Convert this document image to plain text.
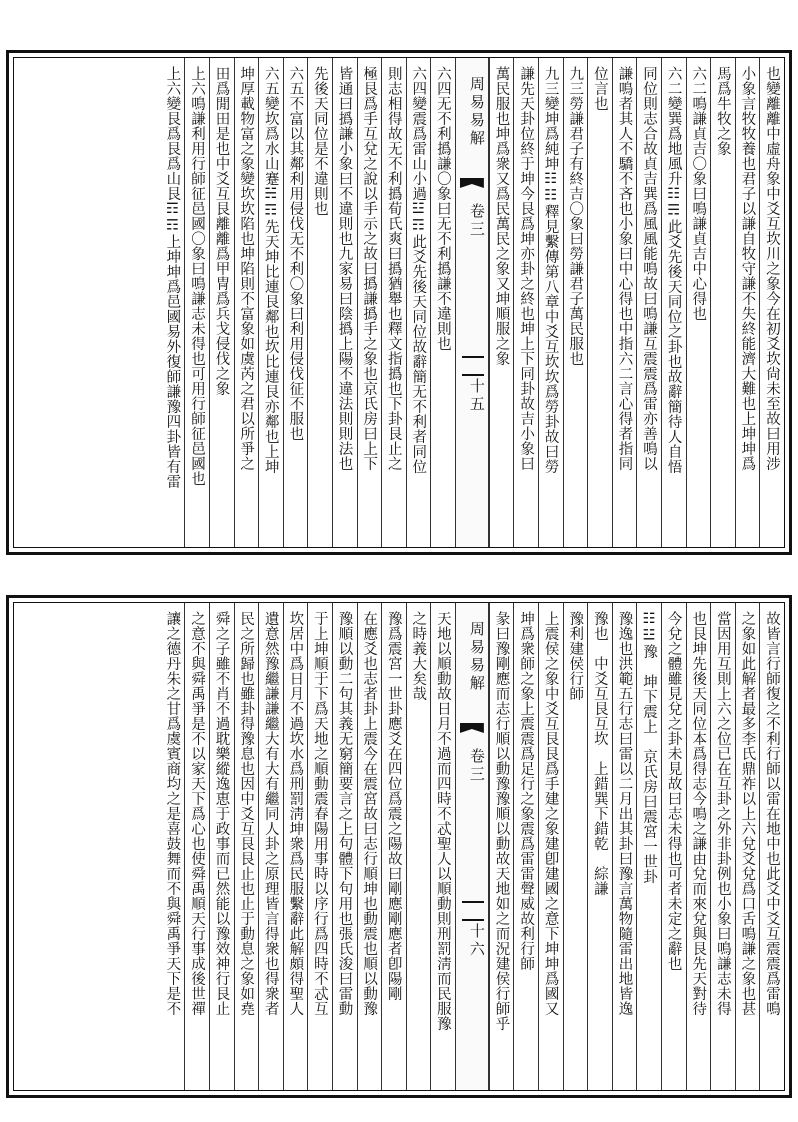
也變離離中虛舟象中爻互坎川之象今在初爻坎尙未至故曰用涉
小象言牧牧養也君子以謙自牧守謙不失終能濟大難也上坤坤爲
馬爲牛牧之象
六二鳴謙貞吉〇象曰鳴謙貞吉中心得也
六二變巽爲地風升☷☴此爻先後天同位之卦也故辭簡待人自悟
同位則志合故貞吉巽爲風風能鳴故曰鳴謙互震震爲雷亦善鳴以
謙鳴者其人不驕不吝也小象曰中心得也中指六二言心得者指同
位言也
九三勞謙君子有終吉〇象曰勞謙君子萬民服也
九三變坤爲純坤☷☷釋見繫傳第八章中爻互坎坎爲勞卦故曰勞
謙先天卦位終于坤今艮爲坤亦卦之終也坤上下同卦故吉小象曰
萬民服也坤爲衆又爲民萬民之象又坤順服之象
周易易解
卷三
十五
六四无不利撝謙〇象曰无不利撝謙不違則也
六四變震爲雷山小過☳☶此爻先後天同位故辭簡无不利者同位
則志相得故无不利撝荀氏爽曰撝猶舉也釋文指撝也下卦艮止之
極艮爲手互兌之說以手示之故曰撝謙撝手之象也京氏房曰上下
皆通曰撝謙小象曰不違則也九家易曰陰撝上陽不違法則則法也
先後天同位是不違則也
六五不富以其鄰利用侵伐无不利〇象曰利用侵伐征不服也
六五變坎爲水山蹇☵☶先天坤比連艮鄰也坎比連艮亦鄰也上坤
坤厚載物富之象變坎坎陷也坤陷則不富象如虞芮之君以所爭之
田爲閒田是也中爻互艮離離爲甲冑爲兵戈侵伐之象
上六鳴謙利用行師征邑國〇象曰鳴謙志未得也可用行師征邑國也
上六變艮爲艮爲山艮☶☶上坤坤爲邑國易外復師謙豫四卦皆有雷
故皆言行師復之不利行師以雷在地中也此爻中爻互震震爲雷鳴
之象如此解者最多李氏鼎祚以上六兌爻兌爲口舌鳴謙之象也甚
當因用互則上六之位已在互卦之外非卦例也小象曰鳴謙志未得
也艮坤先後天同位本爲得志今鳴之謙由兌而來兌與艮先天對待
今兌之體雖見兌之卦未見故曰志未得也可者未定之辭也
☷☳豫　坤下震上　京氏房曰震宮一世卦
豫逸也洪範五行志曰雷以二月出其卦曰豫言萬物隨雷出地皆逸
豫也　中爻互艮互坎　上錯巽下錯乾　綜謙
豫利建侯行師
上震侯之象中爻互艮艮爲手建之象建卽建國之意下坤坤爲國又
坤爲衆師之象上震震爲足行之象震爲雷雷聲威故利行師
彖曰豫剛應而志行順以動豫豫順以動故天地如之而況建侯行師乎
周易易解
卷三
十六
天地以順動故日月不過而四時不忒聖人以順動則刑罰淸而民服豫
之時義大矣哉
豫爲震宮一世卦應爻在四位爲震之陽故曰剛應剛應者卽陽剛
在應爻也志者卦上震今在震宮故曰志行順坤也動震也順以動豫
豫順以動二句其義无窮簡要言之上句體下句用也張氏浚曰雷動
于上坤順于下爲天地之順動震春陽用事時以序行爲四時不忒互
坎居中爲日月不過坎水爲刑罰淸坤衆爲民服繫辭此解頗得聖人
遺意然豫繼謙謙繼大有大有繼同人卦之原理皆言得衆也得衆者
民之所歸也雖卦得豫息也因中爻互艮艮止也止于動息之象如堯
舜之子雖不肖不過耽樂縱逸恵于政事而已然能以豫效神行艮止
之意不與舜禹爭是不以家天下爲心也使舜禹順天行事成後世禪
讓之德丹朱之甘爲虞賓商均之是喜鼓舞而不與舜禹爭天下是不
